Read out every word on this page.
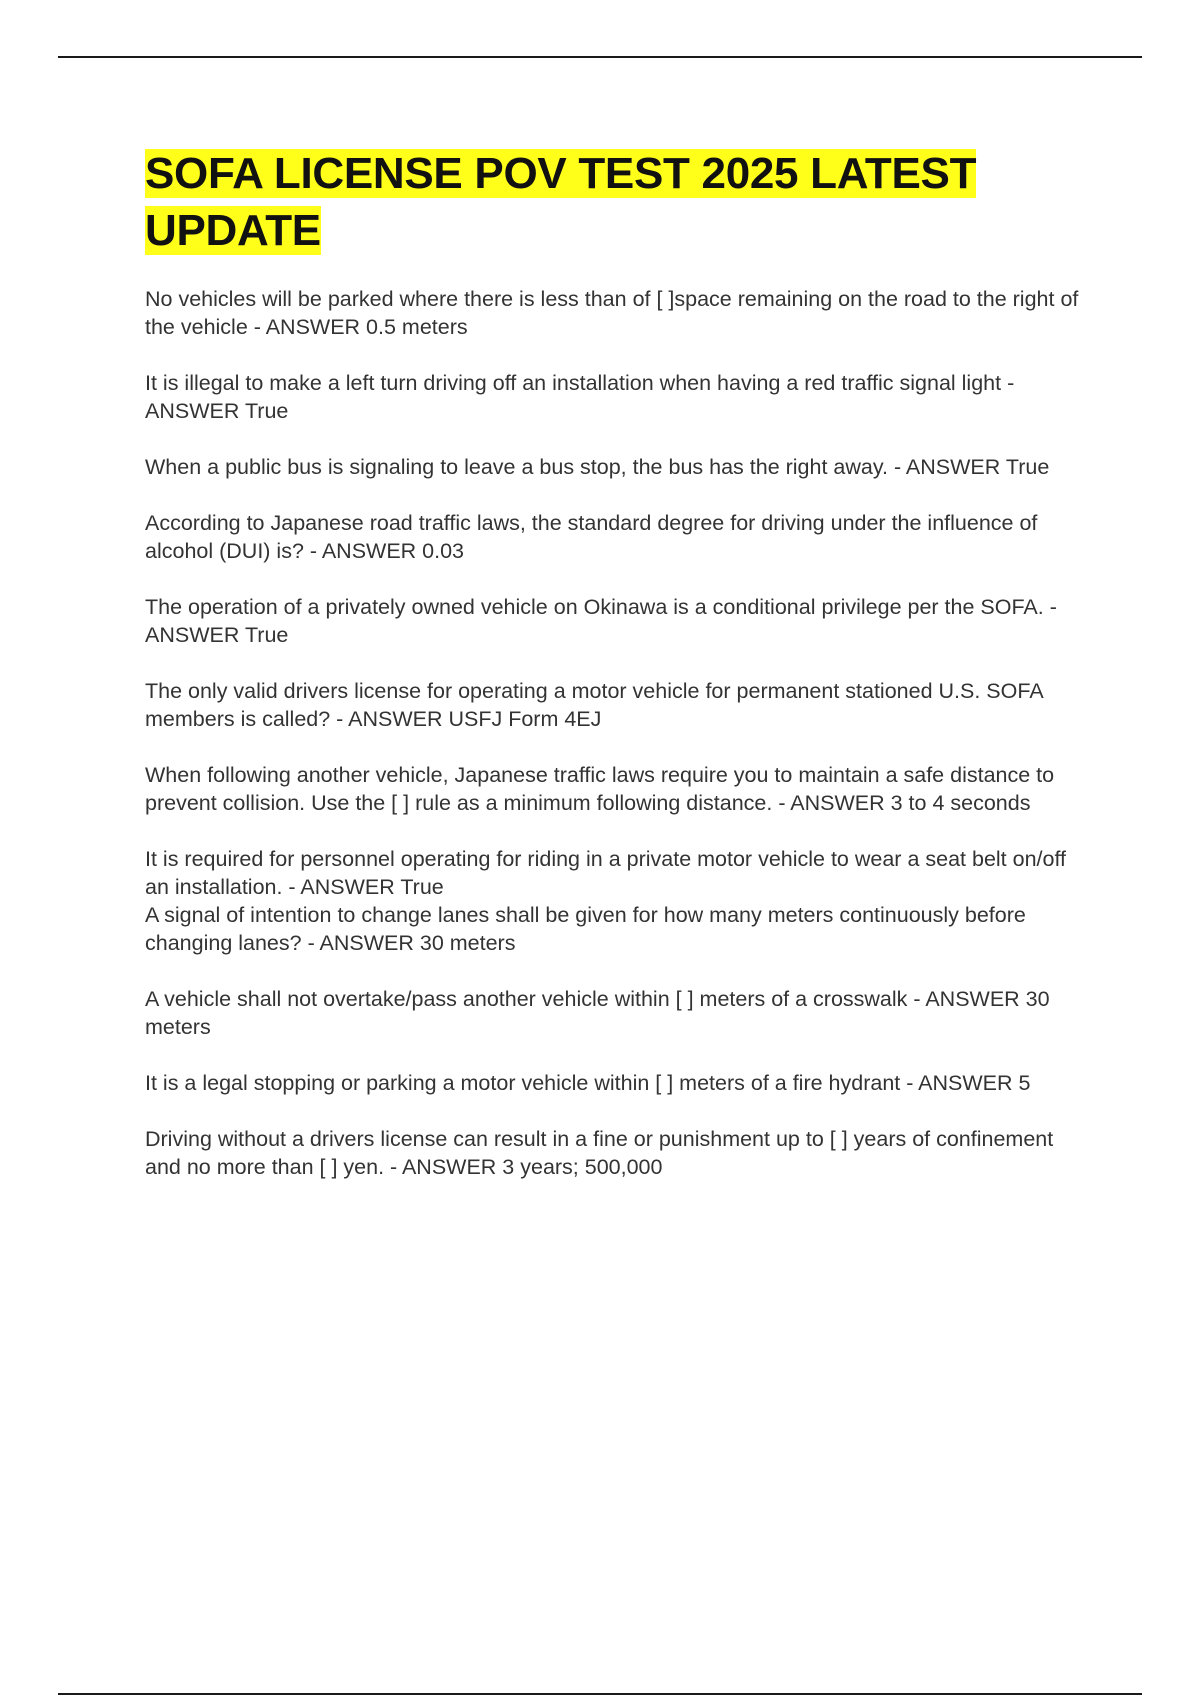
SOFA LICENSE POV TEST 2025 LATEST UPDATE

No vehicles will be parked where there is less than of [ ]space remaining on the road to the right of the vehicle - ANSWER 0.5 meters

It is illegal to make a left turn driving off an installation when having a red traffic signal light - ANSWER True

When a public bus is signaling to leave a bus stop, the bus has the right away. - ANSWER True

According to Japanese road traffic laws, the standard degree for driving under the influence of alcohol (DUI) is? - ANSWER 0.03

The operation of a privately owned vehicle on Okinawa is a conditional privilege per the SOFA. - ANSWER True

The only valid drivers license for operating a motor vehicle for permanent stationed U.S. SOFA members is called? - ANSWER USFJ Form 4EJ

When following another vehicle, Japanese traffic laws require you to maintain a safe distance to prevent collision. Use the [ ] rule as a minimum following distance. - ANSWER 3 to 4 seconds

It is required for personnel operating for riding in a private motor vehicle to wear a seat belt on/off an installation. - ANSWER True

A signal of intention to change lanes shall be given for how many meters continuously before changing lanes? - ANSWER 30 meters

A vehicle shall not overtake/pass another vehicle within [ ] meters of a crosswalk - ANSWER 30 meters

It is a legal stopping or parking a motor vehicle within [ ] meters of a fire hydrant - ANSWER 5

Driving without a drivers license can result in a fine or punishment up to [ ] years of confinement and no more than [ ] yen. - ANSWER 3 years; 500,000
